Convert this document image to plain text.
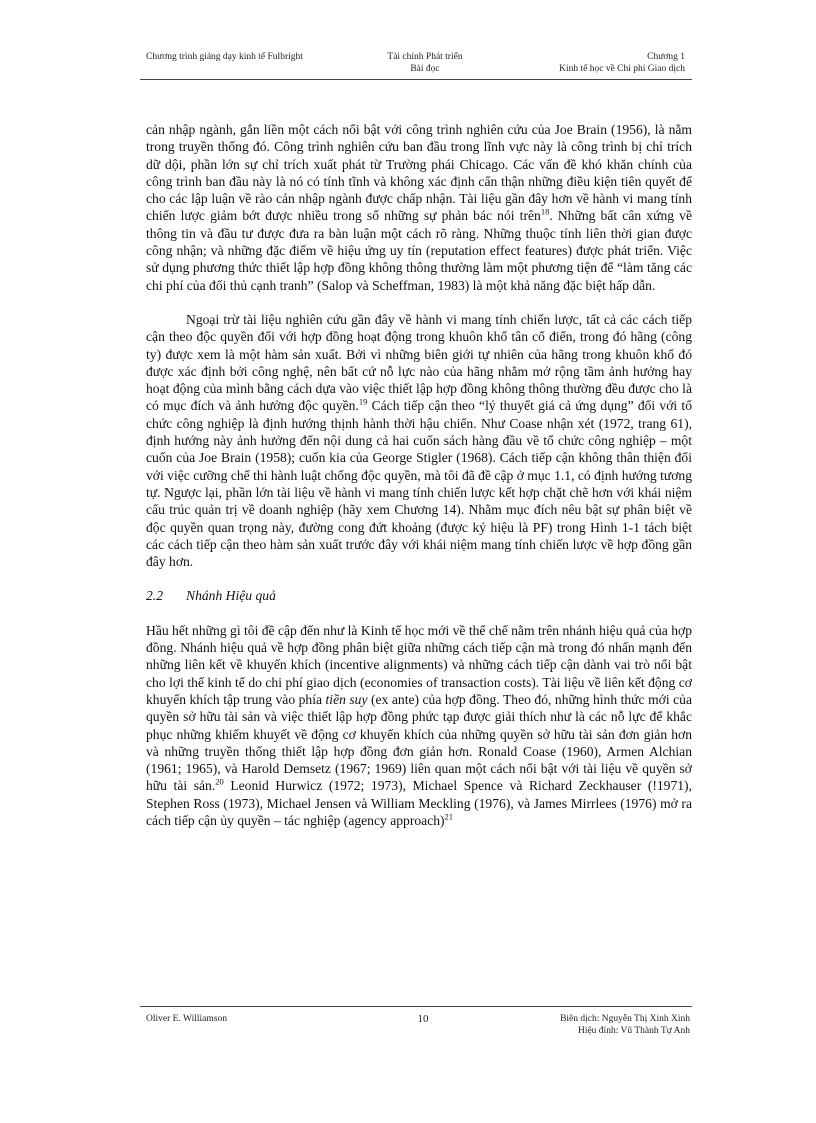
Chương trình giảng dạy kinh tế Fulbright	Tài chính Phát triển
Bài đọc
Chương 1
Kinh tế học về Chi phí Giao dịch

cản nhập ngành, gắn liền một cách nổi bật với công trình nghiên cứu của Joe Brain (1956), là nằm trong truyền thống đó. Công trình nghiên cứu ban đầu trong lĩnh vực này là công trình bị chỉ trích dữ dội, phần lớn sự chỉ trích xuất phát từ Trường phái Chicago. Các vấn đề khó khăn chính của công trình ban đầu này là nó có tính tĩnh và không xác định cẩn thận những điều kiện tiên quyết để cho các lập luận về rào cản nhập ngành được chấp nhận. Tài liệu gần đây hơn về hành vi mang tính chiến lược giảm bớt được nhiều trong số những sự phản bác nói trên$^{18}$. Những bất cân xứng về thông tin và đầu tư được đưa ra bàn luận một cách rõ ràng. Những thuộc tính liên thời gian được công nhận; và những đặc điểm về hiệu ứng uy tín (reputation effect features) được phát triển. Việc sử dụng phương thức thiết lập hợp đồng không thông thường làm một phương tiện để “làm tăng các chi phí của đối thủ cạnh tranh” (Salop và Scheffman, 1983) là một khả năng đặc biệt hấp dẫn.

Ngoại trừ tài liệu nghiên cứu gần đây về hành vi mang tính chiến lược, tất cả các cách tiếp cận theo độc quyền đối với hợp đồng hoạt động trong khuôn khổ tân cổ điển, trong đó hãng (công ty) được xem là một hàm sản xuất. Bởi vì những biên giới tự nhiên của hãng trong khuôn khổ đó được xác định bởi công nghệ, nên bất cứ nỗ lực nào của hãng nhằm mở rộng tầm ảnh hưởng hay hoạt động của mình bằng cách dựa vào việc thiết lập hợp đồng không thông thường đều được cho là có mục đích và ảnh hưởng độc quyền.$^{19}$ Cách tiếp cận theo “lý thuyết giá cả ứng dụng” đối với tổ chức công nghiệp là định hướng thịnh hành thời hậu chiến. Như Coase nhận xét (1972, trang 61), định hướng này ảnh hưởng đến nội dung cả hai cuốn sách hàng đầu về tổ chức công nghiệp – một cuốn của Joe Brain (1958); cuốn kia của George Stigler (1968). Cách tiếp cận không thân thiện đối với việc cưỡng chế thi hành luật chống độc quyền, mà tôi đã đề cập ở mục 1.1, có định hướng tương tự. Ngược lại, phần lớn tài liệu về hành vi mang tính chiến lược kết hợp chặt chẽ hơn với khái niệm cấu trúc quản trị về doanh nghiệp (hãy xem Chương 14). Nhằm mục đích nêu bật sự phân biệt về độc quyền quan trọng này, đường cong đứt khoảng (được ký hiệu là PF) trong Hình 1-1 tách biệt các cách tiếp cận theo hàm sản xuất trước đây với khái niệm mang tính chiến lược về hợp đồng gần đây hơn.

2.2	Nhánh Hiệu quả

Hầu hết những gì tôi đề cập đến như là Kinh tế học mới về thể chế nằm trên nhánh hiệu quả của hợp đồng. Nhánh hiệu quả về hợp đồng phân biệt giữa những cách tiếp cận mà trong đó nhấn mạnh đến những liên kết về khuyến khích (incentive alignments) và những cách tiếp cận dành vai trò nổi bật cho lợi thế kinh tế do chi phí giao dịch (economies of transaction costs). Tài liệu về liên kết động cơ khuyến khích tập trung vào phía tiền suy (ex ante) của hợp đồng. Theo đó, những hình thức mới của quyền sở hữu tài sản và việc thiết lập hợp đồng phức tạp được giải thích như là các nỗ lực để khắc phục những khiếm khuyết về động cơ khuyến khích của những quyền sở hữu tài sản đơn giản hơn và những truyền thống thiết lập hợp đồng đơn giản hơn. Ronald Coase (1960), Armen Alchian (1961; 1965), và Harold Demsetz (1967; 1969) liên quan một cách nổi bật với tài liệu về quyền sở hữu tài sản.$^{20}$ Leonid Hurwicz (1972; 1973), Michael Spence và Richard Zeckhauser (!1971), Stephen Ross (1973), Michael Jensen và William Meckling (1976), và James Mirrlees (1976) mở ra cách tiếp cận ủy quyền – tác nghiệp (agency approach)$^{21}$

Oliver E. Williamson	10	Biên dịch: Nguyễn Thị Xinh Xinh
Hiệu đính: Vũ Thành Tự Anh
